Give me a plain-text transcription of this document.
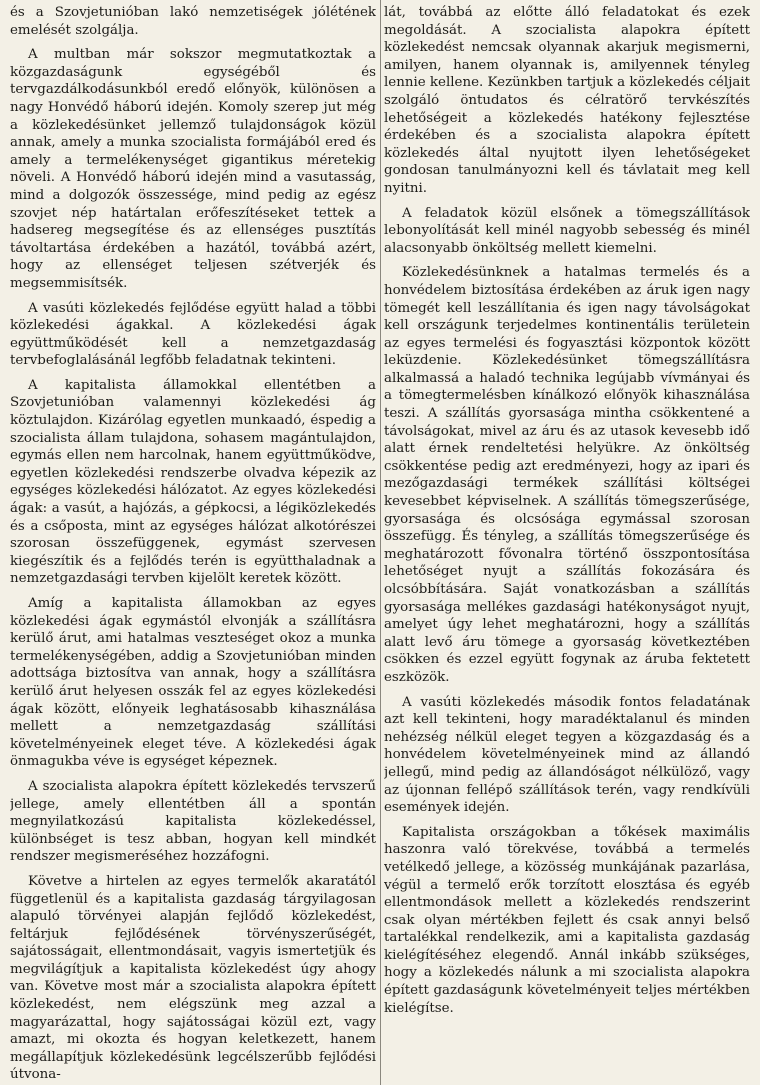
és a Szovjetunióban lakó nemzetiségek jólétének emelését szolgálja.

A multban már sokszor megmutatkoztak a közgazdaságunk egységéből és tervgazdálkodásunkból eredő előnyök, különösen a nagy Honvédő háború idején. Komoly szerep jut még a közlekedésünket jellemző tulajdonságok közül annak, amely a munka szocialista formájából ered és amely a termelékenységet gigantikus méretekig növeli. A Honvédő háború idején mind a vasutasság, mind a dolgozók összessége, mind pedig az egész szovjet nép határtalan erőfeszítéseket tettek a hadsereg megsegítése és az ellenséges pusztítás távoltartása érdekében a hazától, továbbá azért, hogy az ellenséget teljesen szétverjék és megsemmisítsék.

A vasúti közlekedés fejlődése együtt halad a többi közlekedési ágakkal. A közlekedési ágak együttműködését kell a nemzetgazdaság tervbefoglalásánál legfőbb feladatnak tekinteni.

A kapitalista államokkal ellentétben a Szovjetunióban valamennyi közlekedési ág köztulajdon. Kizárólag egyetlen munkaadó, éspedig a szocialista állam tulajdona, sohasem magántulajdon, egymás ellen nem harcolnak, hanem együttműködve, egyetlen közlekedési rendszerbe olvadva képezik az egységes közlekedési hálózatot. Az egyes közlekedési ágak: a vasút, a hajózás, a gépkocsi, a légiközlekedés és a csőposta, mint az egységes hálózat alkotórészei szorosan összefüggenek, egymást szervesen kiegészítik és a fejlődés terén is együtthaladnak a nemzetgazdasági tervben kijelölt keretek között.

Amíg a kapitalista államokban az egyes közlekedési ágak egymástól elvonják a szállításra kerülő árut, ami hatalmas veszteséget okoz a munka termelékenységében, addig a Szovjetunióban minden adottsága biztosítva van annak, hogy a szállításra kerülő árut helyesen osszák fel az egyes közlekedési ágak között, előnyeik leghatásosabb kihasználása mellett a nemzetgazdaság szállítási követelményeinek eleget téve. A közlekedési ágak önmagukba véve is egységet képeznek.

A szocialista alapokra épített közlekedés tervszerű jellege, amely ellentétben áll a spontán megnyilatkozású kapitalista közlekedéssel, különbséget is tesz abban, hogyan kell mindkét rendszer megismeréséhez hozzáfogni.

Követve a hirtelen az egyes termelők akaratától függetlenül és a kapitalista gazdaság tárgyilagosan alapuló törvényei alapján fejlődő közlekedést, feltárjuk fejlődésének törvényszerűségét, sajátosságait, ellentmondásait, vagyis ismertetjük és megvilágítjuk a kapitalista közlekedést úgy ahogy van. Követve most már a szocialista alapokra épített közlekedést, nem elégszünk meg azzal a magyarázattal, hogy sajátosságai közül ezt, vagy amazt, mi okozta és hogyan keletkezett, hanem megállapítjuk közlekedésünk legcélszerűbb fejlődési útvona-

lát, továbbá az előtte álló feladatokat és ezek megoldását. A szocialista alapokra épített közlekedést nemcsak olyannak akarjuk megismerni, amilyen, hanem olyannak is, amilyennek tényleg lennie kellene. Kezünkben tartjuk a közlekedés céljait szolgáló öntudatos és célratörő tervkészítés lehetőségeit a közlekedés hatékony fejlesztése érdekében és a szocialista alapokra épített közlekedés által nyujtott ilyen lehetőségeket gondosan tanulmányozni kell és távlatait meg kell nyitni.

A feladatok közül elsőnek a tömegszállítások lebonyolítását kell minél nagyobb sebesség és minél alacsonyabb önköltség mellett kiemelni.

Közlekedésünknek a hatalmas termelés és a honvédelem biztosítása érdekében az áruk igen nagy tömegét kell leszállítania és igen nagy távolságokat kell országunk terjedelmes kontinentális területein az egyes termelési és fogyasztási központok között leküzdenie. Közlekedésünket tömegszállításra alkalmassá a haladó technika legújabb vívmányai és a tömegtermelésben kínálkozó előnyök kihasználása teszi. A szállítás gyorsasága mintha csökkentené a távolságokat, mivel az áru és az utasok kevesebb idő alatt érnek rendeltetési helyükre. Az önköltség csökkentése pedig azt eredményezi, hogy az ipari és mezőgazdasági termékek szállítási költségei kevesebbet képviselnek. A szállítás tömegszerűsége, gyorsasága és olcsósága egymással szorosan összefügg. És tényleg, a szállítás tömegszerűsége és meghatározott fővonalra történő összpontosítása lehetőséget nyujt a szállítás fokozására és olcsóbbítására. Saját vonatkozásban a szállítás gyorsasága mellékes gazdasági hatékonyságot nyujt, amelyet úgy lehet meghatározni, hogy a szállítás alatt levő áru tömege a gyorsaság következtében csökken és ezzel együtt fogynak az áruba fektetett eszközök.

A vasúti közlekedés második fontos feladatának azt kell tekinteni, hogy maradéktalanul és minden nehézség nélkül eleget tegyen a közgazdaság és a honvédelem követelményeinek mind az állandó jellegű, mind pedig az állandóságot nélkülöző, vagy az újonnan fellépő szállítások terén, vagy rendkívüli események idején.

Kapitalista országokban a tőkések maximális haszonra való törekvése, továbbá a termelés vetélkedő jellege, a közösség munkájának pazarlása, végül a termelő erők torzított elosztása és egyéb ellentmondások mellett a közlekedés rendszerint csak olyan mértékben fejlett és csak annyi belső tartalékkal rendelkezik, ami a kapitalista gazdaság kielégítéséhez elegendő. Annál inkább szükséges, hogy a közlekedés nálunk a mi szocialista alapokra épített gazdaságunk követelményeit teljes mértékben kielégítse.
